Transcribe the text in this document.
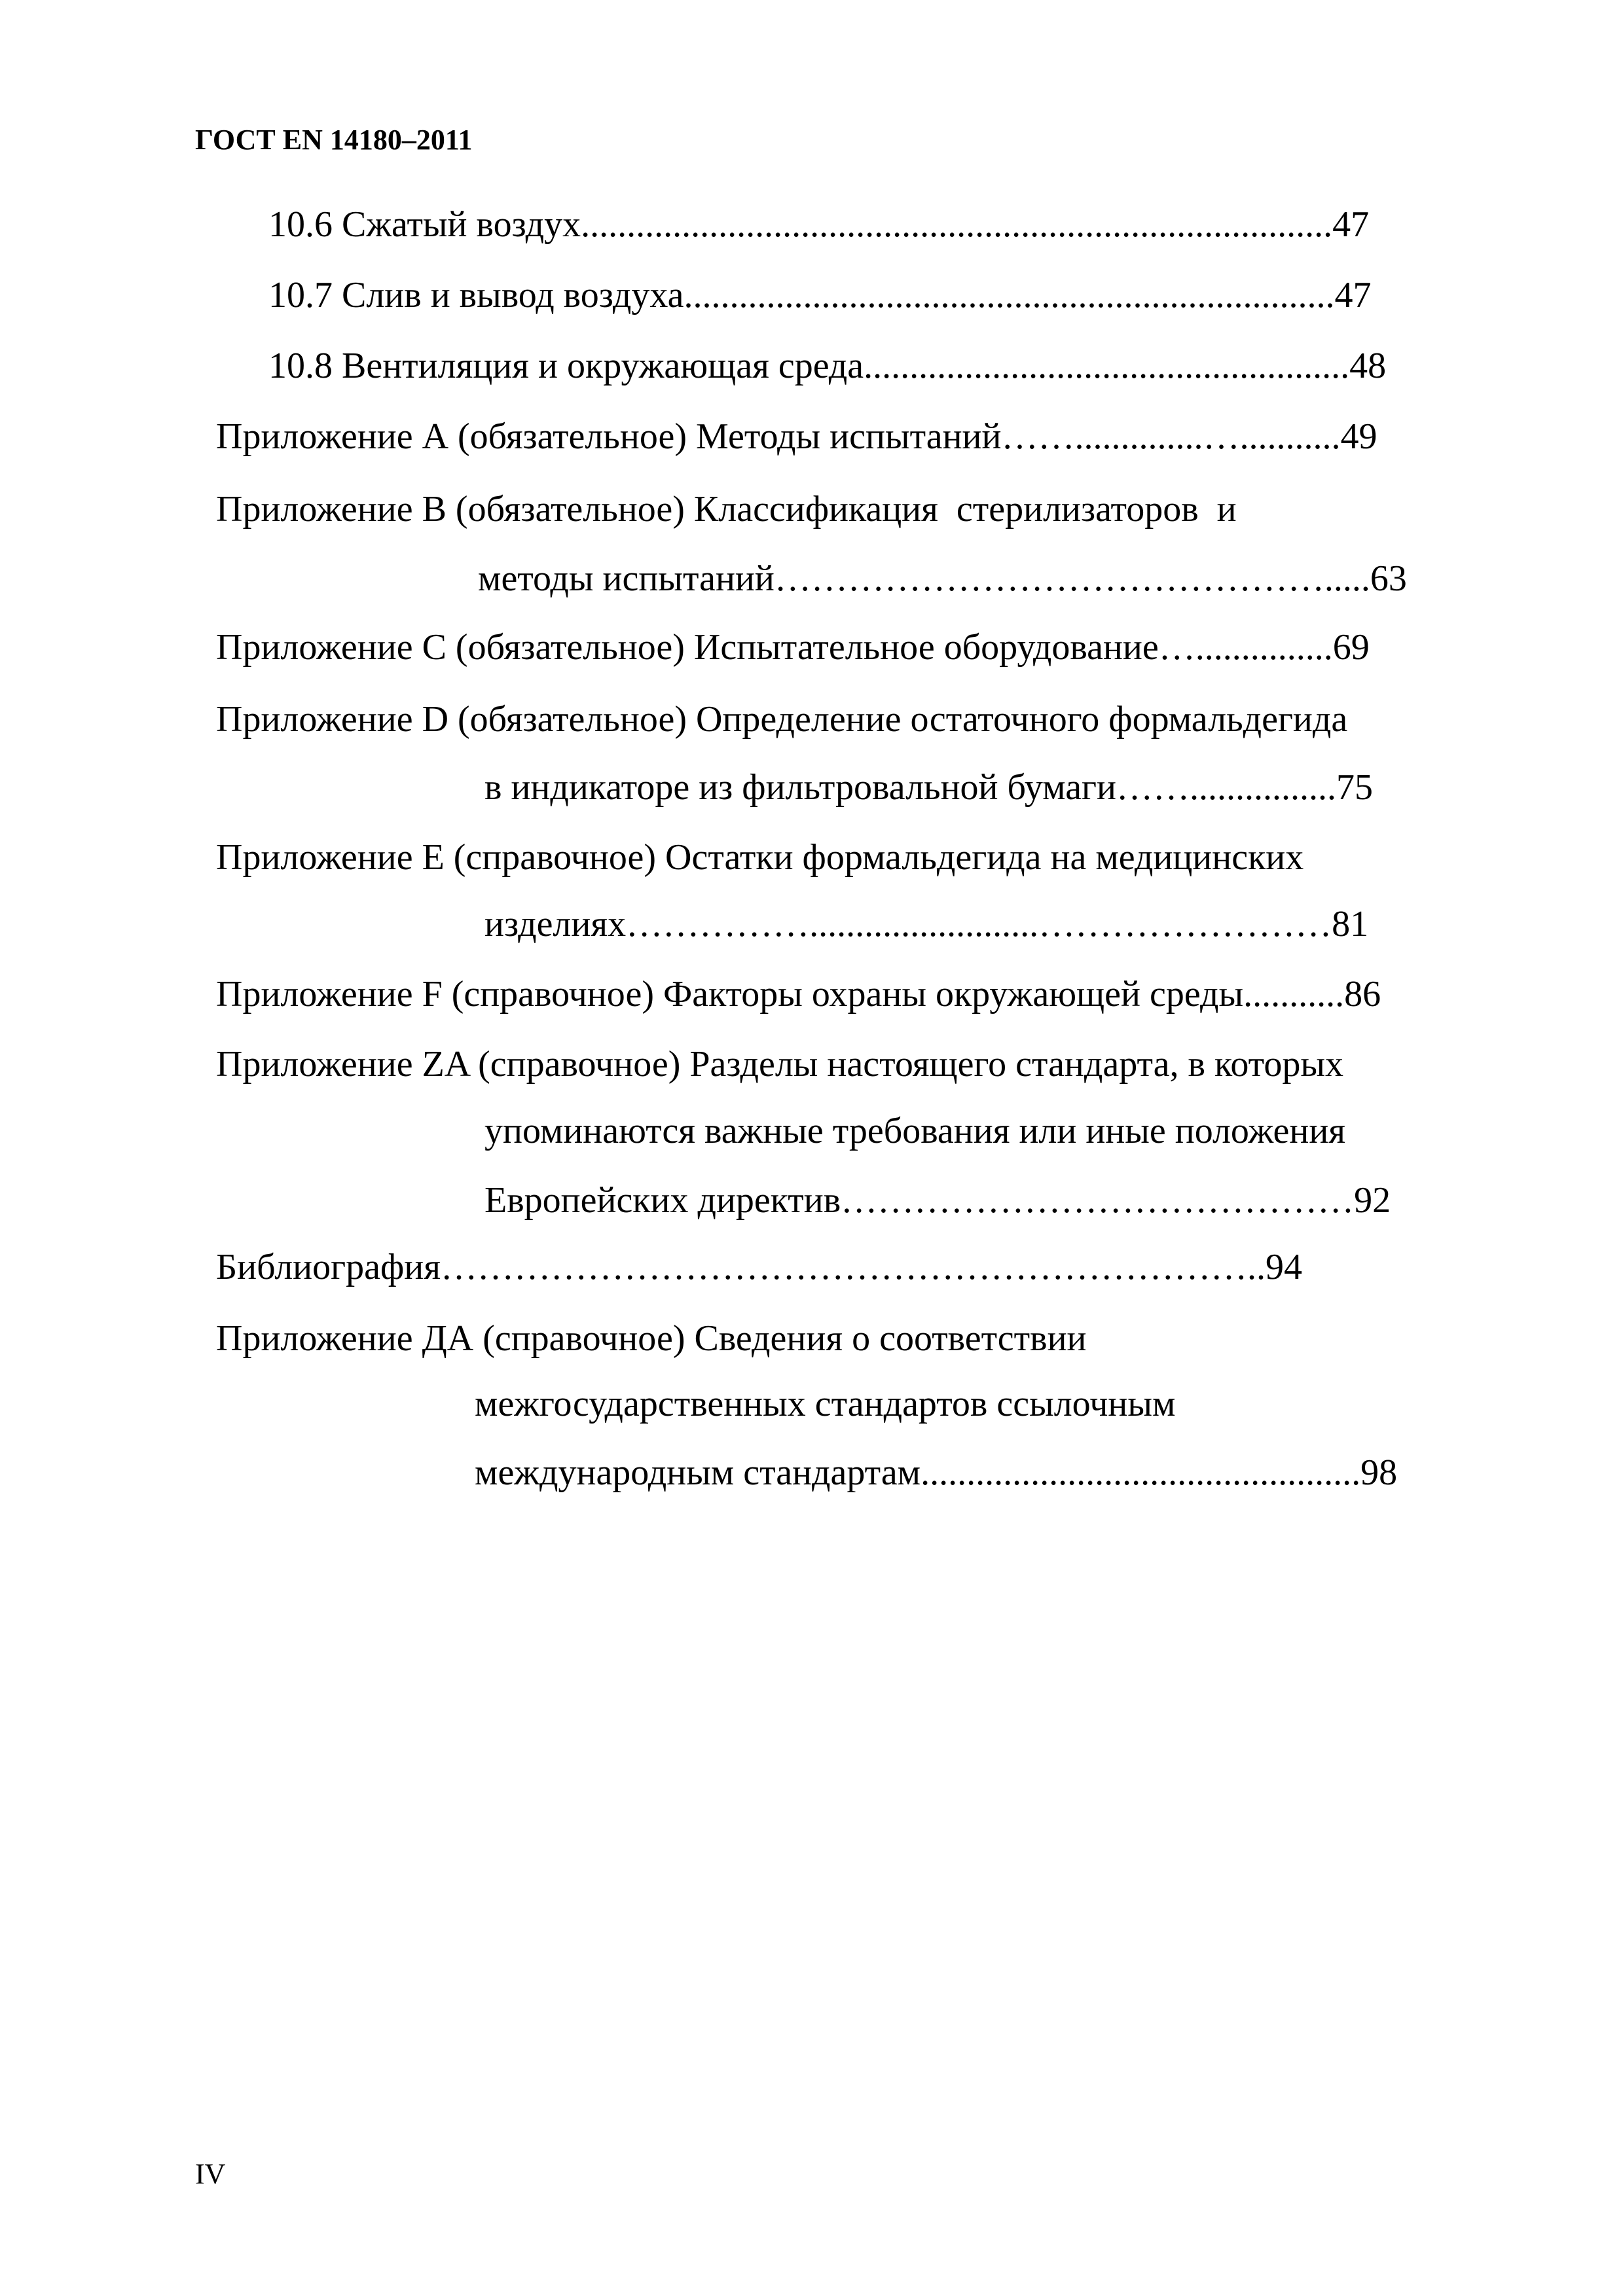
ГОСТ EN 14180–2011
10.6 Сжатый воздух..................................................................................47
10.7 Слив и вывод воздуха.......................................................................47
10.8 Вентиляция и окружающая среда.....................................................48
Приложение А (обязательное) Методы испытаний……..............…...........49
Приложение В (обязательное) Классификация  стерилизаторов  и
методы испытаний……………………………………….....63
Приложение С (обязательное) Испытательное оборудование…...............69
Приложение D (обязательное) Определение остаточного формальдегида
в индикаторе из фильтровальной бумаги……................75
Приложение Е (справочное) Остатки формальдегида на медицинских
изделиях…………….........................……………………81
Приложение F (справочное) Факторы охраны окружающей среды...........86
Приложение ZA (справочное) Разделы настоящего стандарта, в которых
упоминаются важные требования или иные положения
Европейских директив……………………………………92
Библиография…………………………………………………………..94
Приложение ДА (справочное) Сведения о соответствии
межгосударственных стандартов ссылочным
международным стандартам................................................98
IV
